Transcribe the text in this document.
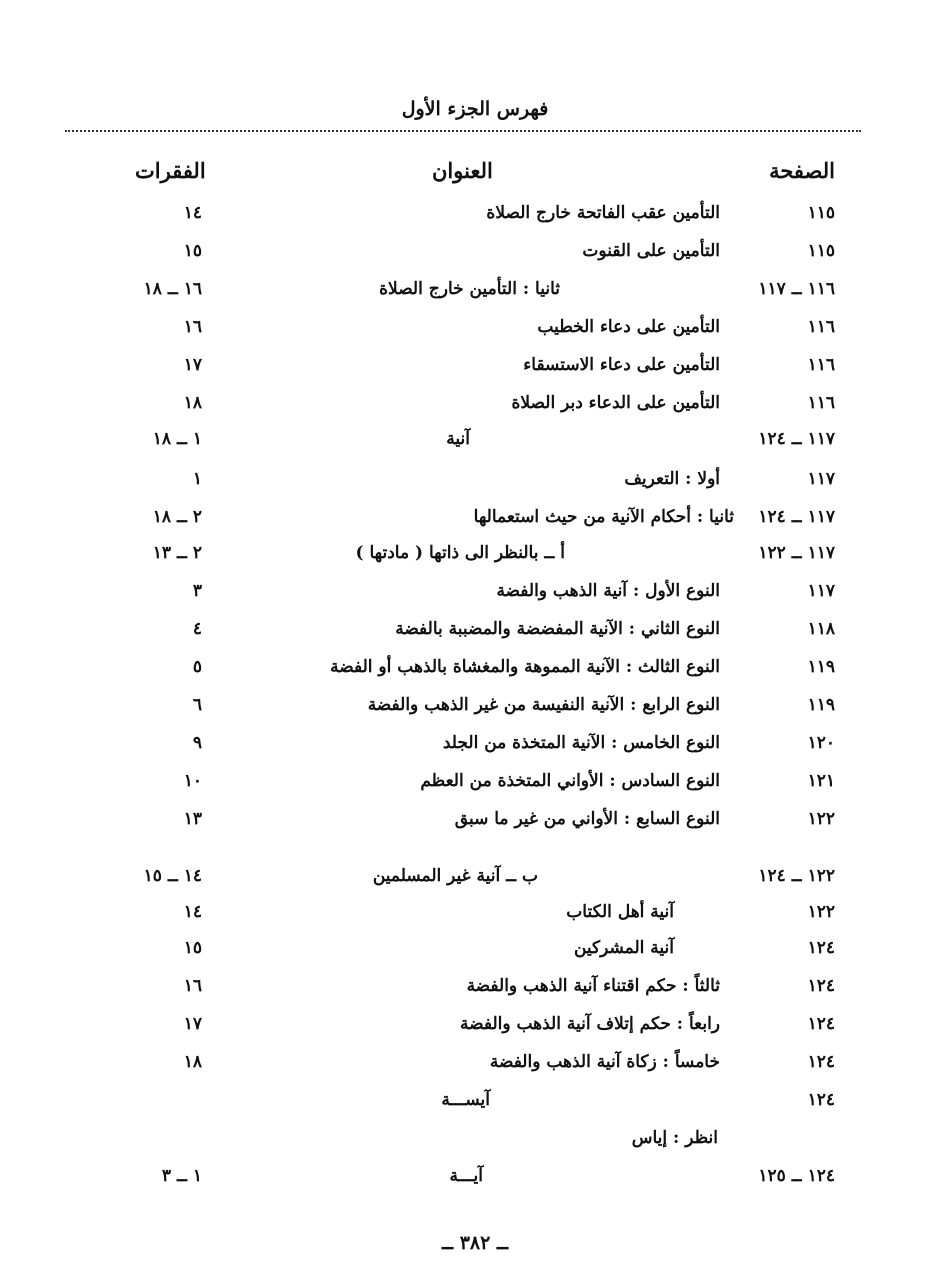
فهرس الجزء الأول
الصفحة
العنوان
الفقرات
١١٥
التأمين عقب الفاتحة خارج الصلاة
١٤
١١٥
التأمين على القنوت
١٥
١١٦ ــ ١١٧
ثانيا : التأمين خارج الصلاة
١٦ ــ ١٨
١١٦
التأمين على دعاء الخطيب
١٦
١١٦
التأمين على دعاء الاستسقاء
١٧
١١٦
التأمين على الدعاء دبر الصلاة
١٨
١١٧ ــ ١٢٤
آنية
١ ــ ١٨
١١٧
أولا : التعريف
١
١١٧ ــ ١٢٤
ثانيا : أحكام الآنية من حيث استعمالها
٢ ــ ١٨
١١٧ ــ ١٢٢
أ ــ بالنظر الى ذاتها ( مادتها )
٢ ــ ١٣
١١٧
النوع الأول : آنية الذهب والفضة
٣
١١٨
النوع الثاني : الآنية المفضضة والمضببة بالفضة
٤
١١٩
النوع الثالث : الآنية المموهة والمغشاة بالذهب أو الفضة
٥
١١٩
النوع الرابع : الآنية النفيسة من غير الذهب والفضة
٦
١٢٠
النوع الخامس : الآنية المتخذة من الجلد
٩
١٢١
النوع السادس : الأواني المتخذة من العظم
١٠
١٢٢
النوع السابع : الأواني من غير ما سبق
١٣
١٢٢ ــ ١٢٤
ب ــ آنية غير المسلمين
١٤ ــ ١٥
١٢٢
آنية أهل الكتاب
١٤
١٢٤
آنية المشركين
١٥
١٢٤
ثالثاً : حكم اقتناء آنية الذهب والفضة
١٦
١٢٤
رابعاً : حكم إتلاف آنية الذهب والفضة
١٧
١٢٤
خامساً : زكاة آنية الذهب والفضة
١٨
١٢٤
آيســـة
انظر : إياس
١٢٤ ــ ١٢٥
آيـــة
١ ــ ٣
ــ ٣٨٢ ــ
